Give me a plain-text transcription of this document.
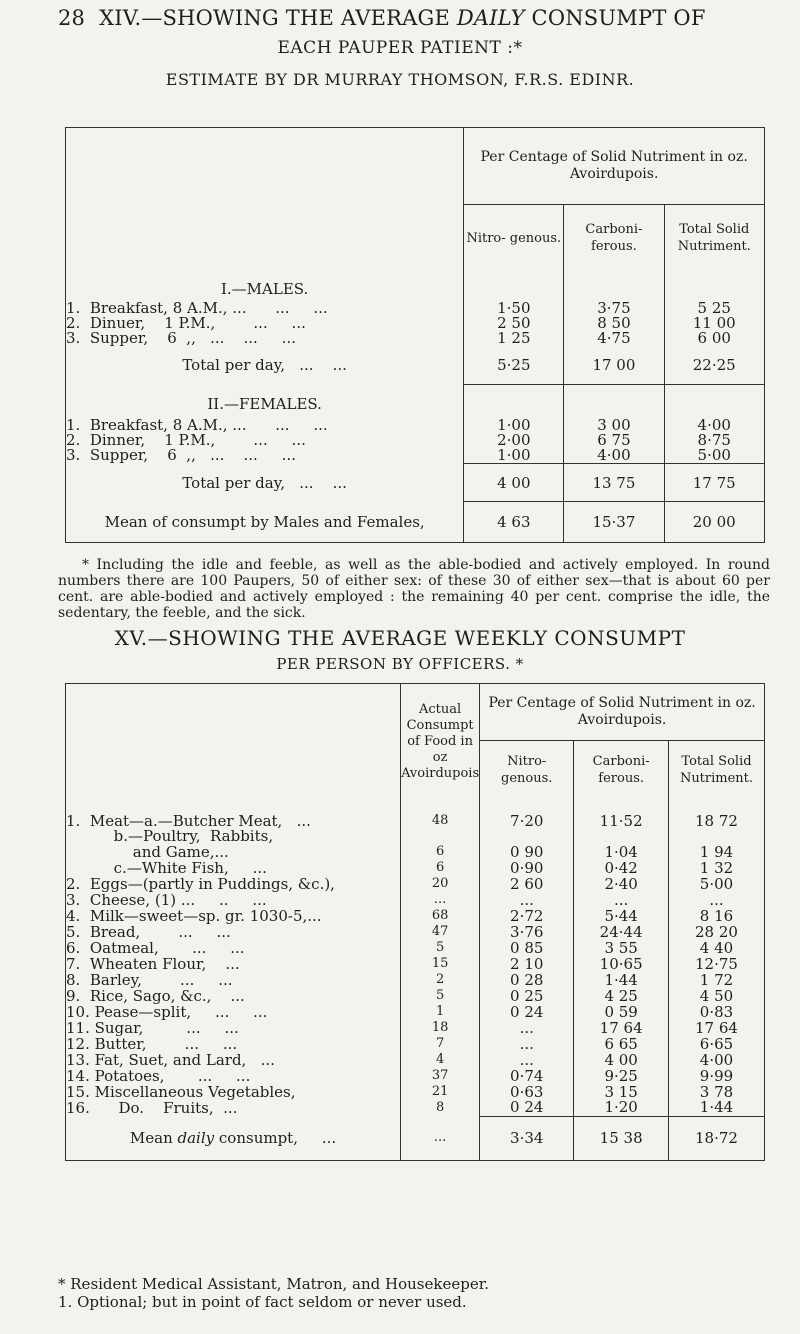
28 XIV.—SHOWING THE AVERAGE DAILY CONSUMPT OF
EACH PAUPER PATIENT :*
ESTIMATE BY DR MURRAY THOMSON, F.R.S. EDINR.
	Per Centage of Solid Nutriment in oz. Avoirdupois.		
	Nitro- genous.	Carboni- ferous.	Total Solid Nutriment.
I.—MALES.			
1.  Breakfast, 8 A.M., ...      ...     ...	1·50	3·75	5 25
2.  Dinuer,    1 P.M.,        ...     ...	2 50	8 50	11 00
3.  Supper,    6  ,,   ...    ...     ...	1 25	4·75	6 00
Total per day,   ...    ...	5·25	17 00	22·25
II.—FEMALES.			
1.  Breakfast, 8 A.M., ...      ...     ...	1·00	3 00	4·00
2.  Dinner,    1 P.M.,        ...     ...	2·00	6 75	8·75
3.  Supper,    6  ,,   ...    ...     ...	1·00	4·00	5·00
Total per day,   ...    ...	4 00	13 75	17 75
Mean of consumpt by Males and Females,	4 63	15·37	20 00
* Including the idle and feeble, as well as the able-bodied and actively employed. In round numbers there are 100 Paupers, 50 of either sex: of these 30 of either sex—that is about 60 per cent. are able-bodied and actively employed : the remaining 40 per cent. comprise the idle, the sedentary, the feeble, and the sick.
XV.—SHOWING THE AVERAGE WEEKLY CONSUMPT
PER PERSON BY OFFICERS. *
	Actual Consumpt of Food in oz Avoirdupois	Per Centage of Solid Nutriment in oz. Avoirdupois.		
		Nitro- genous.	Carboni- ferous.	Total Solid Nutriment.
1.  Meat—a.—Butcher Meat,   ...	48	7·20	11·52	18 72
b.—Poultry,  Rabbits,				
and Game,...	6	0 90	1·04	1 94
c.—White Fish,     ...	6	0·90	0·42	1 32
2.  Eggs—(partly in Puddings, &c.),	20	2 60	2·40	5·00
3.  Cheese, (1) ...     ..     ...	...	...	...	...
4.  Milk—sweet—sp. gr. 1030-5,...	68	2·72	5·44	8 16
5.  Bread,        ...     ...	47	3·76	24·44	28 20
6.  Oatmeal,       ...     ...	5	0 85	3 55	4 40
7.  Wheaten Flour,    ...	15	2 10	10·65	12·75
8.  Barley,        ...     ...	2	0 28	1·44	1 72
9.  Rice, Sago, &c.,    ...	5	0 25	4 25	4 50
10. Pease—split,     ...     ...	1	0 24	0 59	0·83
11. Sugar,         ...     ...	18	...	17 64	17 64
12. Butter,        ...     ...	7	...	6 65	6·65
13. Fat, Suet, and Lard,   ...	4	...	4 00	4·00
14. Potatoes,       ...     ...	37	0·74	9·25	9·99
15. Miscellaneous Vegetables,	21	0·63	3 15	3 78
16.      Do.    Fruits,  ...	8	0 24	1·20	1·44
Mean daily consumpt,     ...	...	3·34	15 38	18·72
* Resident Medical Assistant, Matron, and Housekeeper.
1. Optional; but in point of fact seldom or never used.
